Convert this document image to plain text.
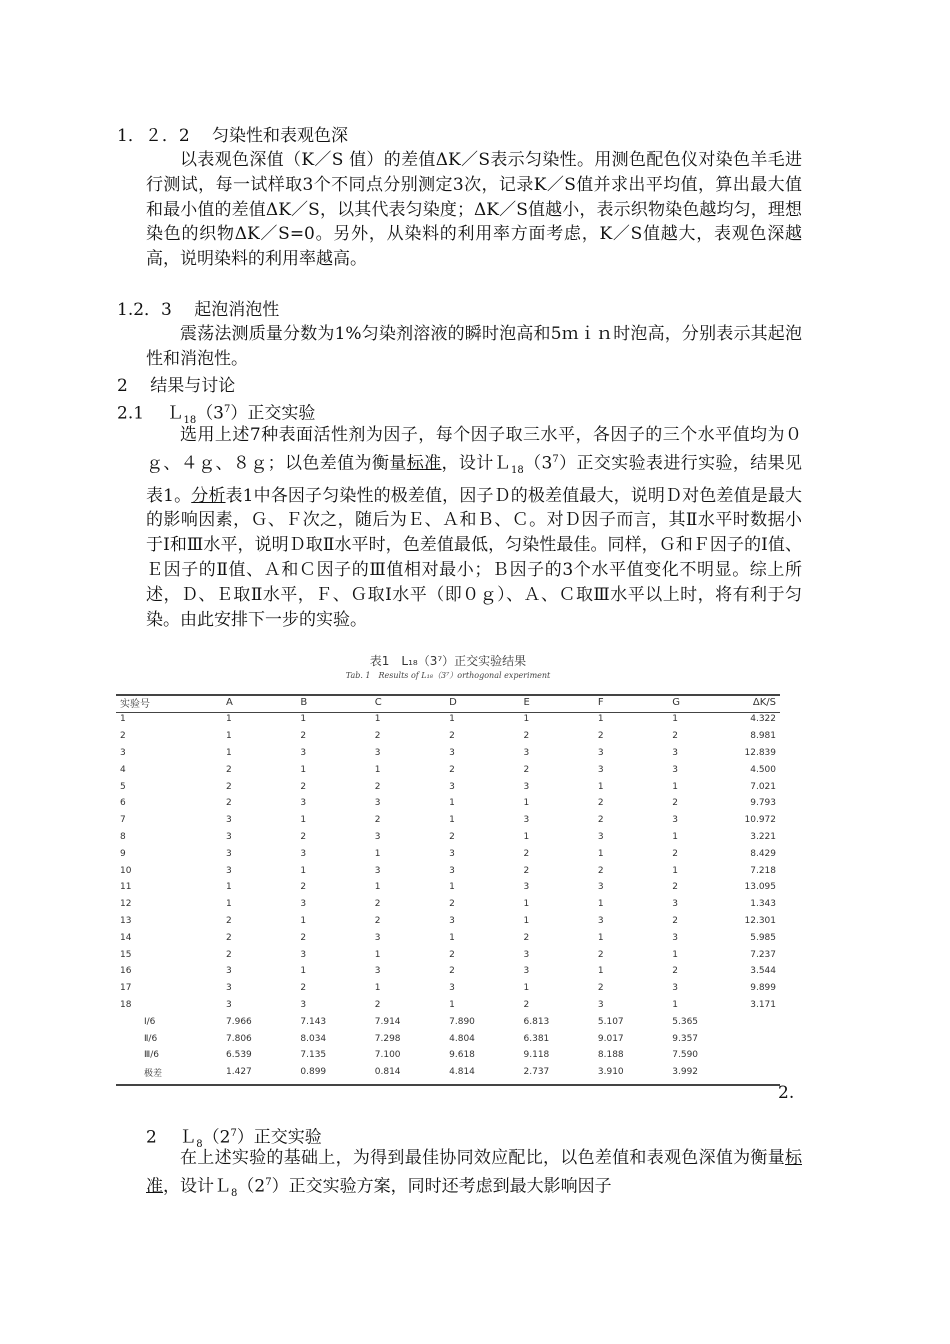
1．２．2　 匀染性和表观色深
以表观色深值（K／S 值）的差值ΔK／S表示匀染性。用测色配色仪对染色羊毛进行测试，每一试样取3个不同点分别测定3次，记录K／S值并求出平均值，算出最大值和最小值的差值ΔK／S，以其代表匀染度；ΔK／S值越小，表示织物染色越均匀，理想染色的织物ΔK／S=0。另外，从染料的利用率方面考虑，K／S值越大，表观色深越高，说明染料的利用率越高。
1.2．3　 起泡消泡性
震荡法测质量分数为1%匀染剂溶液的瞬时泡高和5ｍｉｎ时泡高，分别表示其起泡性和消泡性。
2　 结果与讨论
2.1　 $L_{18}(3^7)$正交实验
选用上述7种表面活性剂为因子，每个因子取三水平，各因子的三个水平值均为０ｇ、４ｇ、８ｇ；以色差值为衡量标准，设计$L_{18}(3^7)$正交实验表进行实验，结果见表1。分析表1中各因子匀染性的极差值，因子Ｄ的极差值最大，说明Ｄ对色差值是最大的影响因素，Ｇ、Ｆ次之，随后为Ｅ、Ａ和Ｂ、Ｃ。对Ｄ因子而言，其Ⅱ水平时数据小于Ⅰ和Ⅲ水平，说明Ｄ取Ⅱ水平时，色差值最低，匀染性最佳。同样，Ｇ和Ｆ因子的Ⅰ值、Ｅ因子的Ⅱ值、Ａ和Ｃ因子的Ⅲ值相对最小；Ｂ因子的3个水平值变化不明显。综上所述，Ｄ、Ｅ取Ⅱ水平，Ｆ、Ｇ取Ⅰ水平（即０ｇ）、Ａ、Ｃ取Ⅲ水平以上时，将有利于匀染。由此安排下一步的实验。
表1　L₁₈（3⁷）正交实验结果
Tab. 1　Results of L₁₈（3⁷）orthogonal experiment
实验号	A	B	C	D	E	F	G	ΔK/S
1	1	1	1	1	1	1	1	4.322
2	1	2	2	2	2	2	2	8.981
3	1	3	3	3	3	3	3	12.839
4	2	1	1	2	2	3	3	4.500
5	2	2	2	3	3	1	1	7.021
6	2	3	3	1	1	2	2	9.793
7	3	1	2	1	3	2	3	10.972
8	3	2	3	2	1	3	1	3.221
9	3	3	1	3	2	1	2	8.429
10	3	1	3	3	2	2	1	7.218
11	1	2	1	1	3	3	2	13.095
12	1	3	2	2	1	1	3	1.343
13	2	1	2	3	1	3	2	12.301
14	2	2	3	1	2	1	3	5.985
15	2	3	1	2	3	2	1	7.237
16	3	1	3	2	3	1	2	3.544
17	3	2	1	3	1	2	3	9.899
18	3	3	2	1	2	3	1	3.171
Ⅰ/6	7.966	7.143	7.914	7.890	6.813	5.107	5.365	
Ⅱ/6	7.806	8.034	7.298	4.804	6.381	9.017	9.357	
Ⅲ/6	6.539	7.135	7.100	9.618	9.118	8.188	7.590	
极差	1.427	0.899	0.814	4.814	2.737	3.910	3.992	
2.
2　 $L_8(2^7)$正交实验
在上述实验的基础上，为得到最佳协同效应配比，以色差值和表观色深值为衡量标准，设计$L_8(2^7)$正交实验方案，同时还考虑到最大影响因子
